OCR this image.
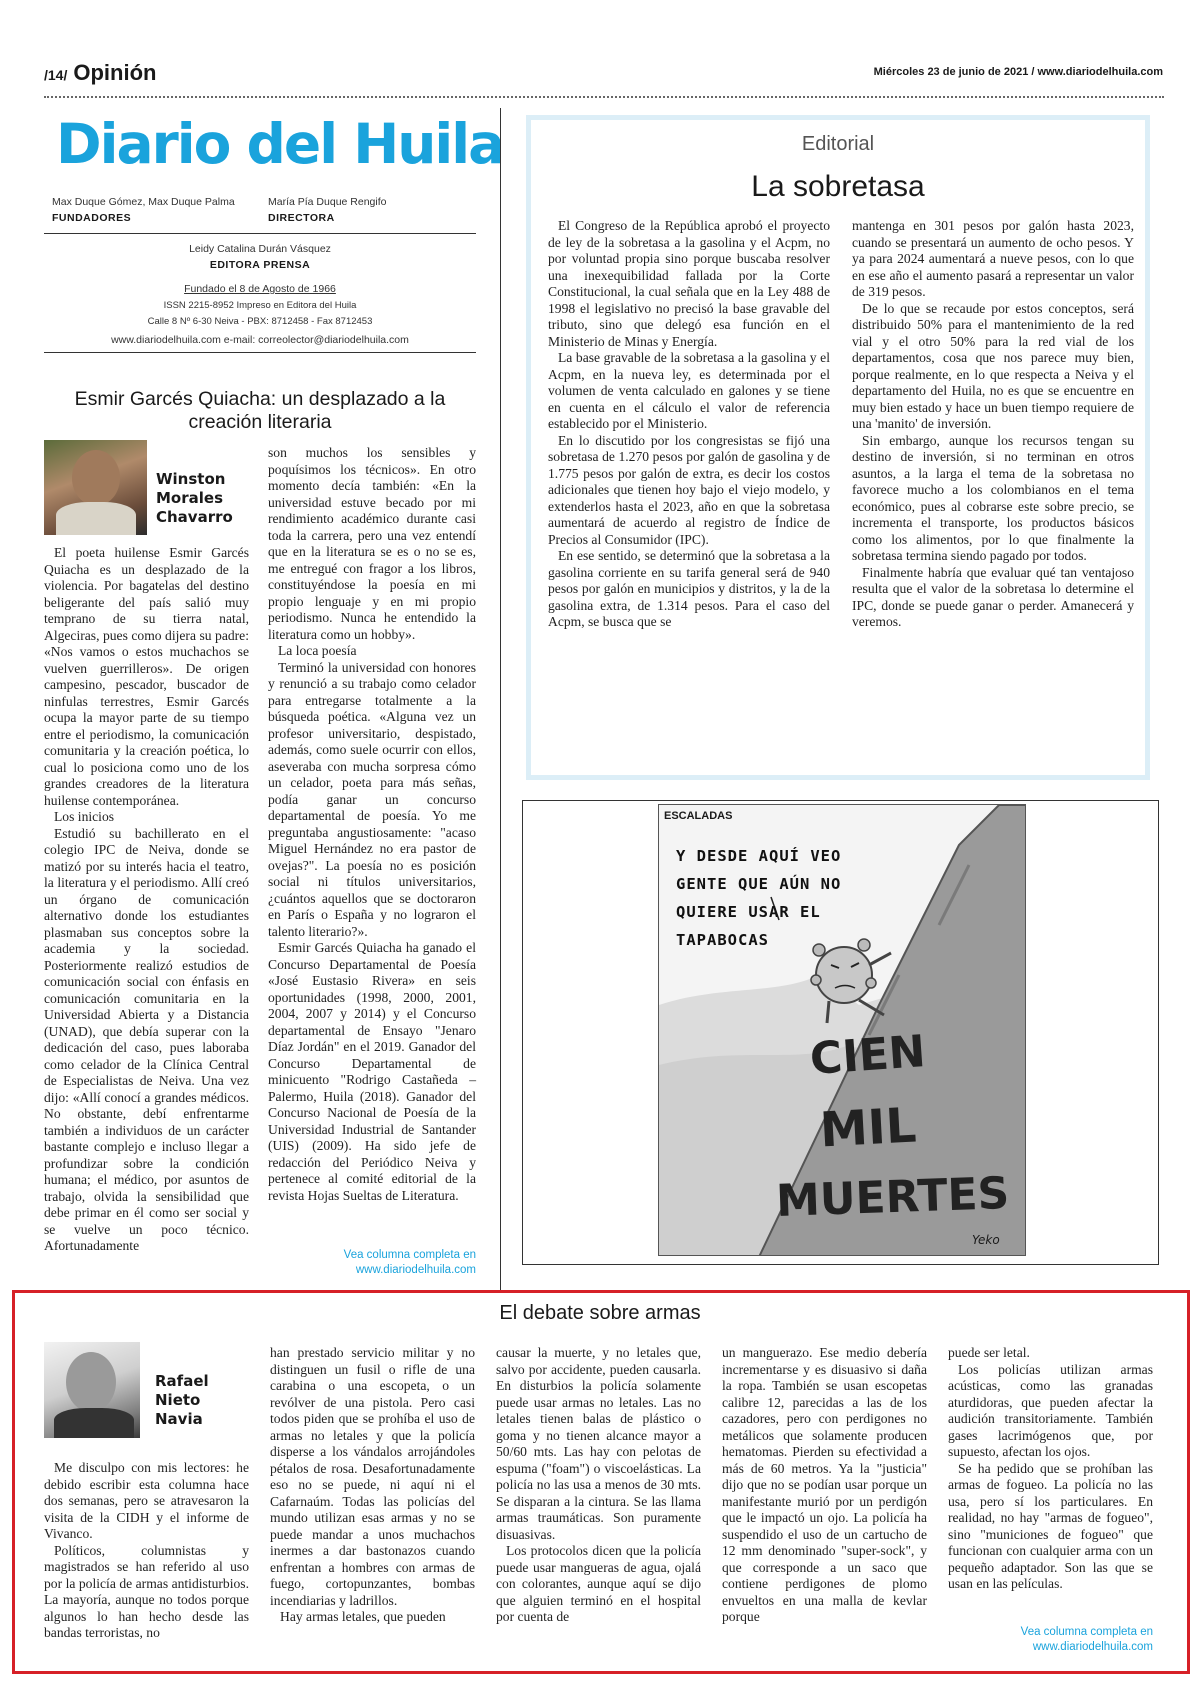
/14/ Opinión	Miércoles 23 de junio de 2021 / www.diariodelhuila.com
Diario del Huila
Max Duque Gómez, Max Duque Palma
FUNDADORES
María Pía Duque Rengifo
DIRECTORA
Leidy Catalina Durán Vásquez
EDITORA PRENSA
Fundado el 8 de Agosto de 1966
ISSN 2215-8952 Impreso en Editora del Huila
Calle 8 Nº 6-30 Neiva - PBX: 8712458 - Fax 8712453
www.diariodelhuila.com e-mail: correolector@diariodelhuila.com
Esmir Garcés Quiacha: un desplazado a la creación literaria
Winston Morales Chavarro

El poeta huilense Esmir Garcés Quiacha es un desplazado de la violencia. Por bagatelas del destino beligerante del país salió muy temprano de su tierra natal, Algeciras, pues como dijera su padre: «Nos vamos o estos muchachos se vuelven guerrilleros». De origen campesino, pescador, buscador de ninfulas terrestres, Esmir Garcés ocupa la mayor parte de su tiempo entre el periodismo, la comunicación comunitaria y la creación poética, lo cual lo posiciona como uno de los grandes creadores de la literatura huilense contemporánea.

Los inicios

Estudió su bachillerato en el colegio IPC de Neiva, donde se matizó por su interés hacia el teatro, la literatura y el periodismo. Allí creó un órgano de comunicación alternativo donde los estudiantes plasmaban sus conceptos sobre la academia y la sociedad. Posteriormente realizó estudios de comunicación social con énfasis en comunicación comunitaria en la Universidad Abierta y a Distancia (UNAD), que debía superar con la dedicación del caso, pues laboraba como celador de la Clínica Central de Especialistas de Neiva. Una vez dijo: «Allí conocí a grandes médicos. No obstante, debí enfrentarme también a individuos de un carácter bastante complejo e incluso llegar a profundizar sobre la condición humana; el médico, por asuntos de trabajo, olvida la sensibilidad que debe primar en él como ser social y se vuelve un poco técnico. Afortunadamente

son muchos los sensibles y poquísimos los técnicos». En otro momento decía también: «En la universidad estuve becado por mi rendimiento académico durante casi toda la carrera, pero una vez entendí que en la literatura se es o no se es, me entregué con fragor a los libros, constituyéndose la poesía en mi propio lenguaje y en mi propio periodismo. Nunca he entendido la literatura como un hobby».

La loca poesía

Terminó la universidad con honores y renunció a su trabajo como celador para entregarse totalmente a la búsqueda poética. «Alguna vez un profesor universitario, despistado, además, como suele ocurrir con ellos, aseveraba con mucha sorpresa cómo un celador, poeta para más señas, podía ganar un concurso departamental de poesía. Yo me preguntaba angustiosamente: "acaso Miguel Hernández no era pastor de ovejas?". La poesía no es posición social ni títulos universitarios, ¿cuántos aquellos que se doctoraron en París o España y no lograron el talento literario?».

Esmir Garcés Quiacha ha ganado el Concurso Departamental de Poesía «José Eustasio Rivera» en seis oportunidades (1998, 2000, 2001, 2004, 2007 y 2014) y el Concurso departamental de Ensayo "Jenaro Díaz Jordán" en el 2019. Ganador del Concurso Departamental de minicuento "Rodrigo Castañeda – Palermo, Huila (2018). Ganador del Concurso Nacional de Poesía de la Universidad Industrial de Santander (UIS) (2009). Ha sido jefe de redacción del Periódico Neiva y pertenece al comité editorial de la revista Hojas Sueltas de Literatura.

Vea columna completa en www.diariodelhuila.com
Editorial
La sobretasa

El Congreso de la República aprobó el proyecto de ley de la sobretasa a la gasolina y el Acpm, no por voluntad propia sino porque buscaba resolver una inexequibilidad fallada por la Corte Constitucional, la cual señala que en la Ley 488 de 1998 el legislativo no precisó la base gravable del tributo, sino que delegó esa función en el Ministerio de Minas y Energía.

La base gravable de la sobretasa a la gasolina y el Acpm, en la nueva ley, es determinada por el volumen de venta calculado en galones y se tiene en cuenta en el cálculo el valor de referencia establecido por el Ministerio.

En lo discutido por los congresistas se fijó una sobretasa de 1.270 pesos por galón de gasolina y de 1.775 pesos por galón de extra, es decir los costos adicionales que tienen hoy bajo el viejo modelo, y extenderlos hasta el 2023, año en que la sobretasa aumentará de acuerdo al registro de Índice de Precios al Consumidor (IPC).

En ese sentido, se determinó que la sobretasa a la gasolina corriente en su tarifa general será de 940 pesos por galón en municipios y distritos, y la de la gasolina extra, de 1.314 pesos. Para el caso del Acpm, se busca que se

mantenga en 301 pesos por galón hasta 2023, cuando se presentará un aumento de ocho pesos. Y ya para 2024 aumentará a nueve pesos, con lo que en ese año el aumento pasará a representar un valor de 319 pesos.

De lo que se recaude por estos conceptos, será distribuido 50% para el mantenimiento de la red vial y el otro 50% para la red vial de los departamentos, cosa que nos parece muy bien, porque realmente, en lo que respecta a Neiva y el departamento del Huila, no es que se encuentre en muy bien estado y hace un buen tiempo requiere de una 'manito' de inversión.

Sin embargo, aunque los recursos tengan su destino de inversión, si no terminan en otros asuntos, a la larga el tema de la sobretasa no favorece mucho a los colombianos en el tema económico, pues al cobrarse este sobre precio, se incrementa el transporte, los productos básicos como los alimentos, por lo que finalmente la sobretasa termina siendo pagado por todos.

Finalmente habría que evaluar qué tan ventajoso resulta que el valor de la sobretasa lo determine el IPC, donde se puede ganar o perder. Amanecerá y veremos.

ESCALADAS
Y DESDE AQUÍ VEO
GENTE QUE AÚN NO
QUIERE USAR EL
TAPABOCAS
CIEN
MIL
MUERTES
Yeko
El debate sobre armas
Rafael Nieto Navia

Me disculpo con mis lectores: he debido escribir esta columna hace dos semanas, pero se atravesaron la visita de la CIDH y el informe de Vivanco.

Políticos, columnistas y magistrados se han referido al uso por la policía de armas antidisturbios. La mayoría, aunque no todos porque algunos lo han hecho desde las bandas terroristas, no

han prestado servicio militar y no distinguen un fusil o rifle de una carabina o una escopeta, o un revólver de una pistola. Pero casi todos piden que se prohíba el uso de armas no letales y que la policía disperse a los vándalos arrojándoles pétalos de rosa. Desafortunadamente eso no se puede, ni aquí ni el Cafarnaúm. Todas las policías del mundo utilizan esas armas y no se puede mandar a unos muchachos inermes a dar bastonazos cuando enfrentan a hombres con armas de fuego, cortopunzantes, bombas incendiarias y ladrillos.

Hay armas letales, que pueden

causar la muerte, y no letales que, salvo por accidente, pueden causarla. En disturbios la policía solamente puede usar armas no letales. Las no letales tienen balas de plástico o goma y no tienen alcance mayor a 50/60 mts. Las hay con pelotas de espuma ("foam") o viscoelásticas. La policía no las usa a menos de 30 mts. Se disparan a la cintura. Se las llama armas traumáticas. Son puramente disuasivas.

Los protocolos dicen que la policía puede usar mangueras de agua, ojalá con colorantes, aunque aquí se dijo que alguien terminó en el hospital por cuenta de

un manguerazo. Ese medio debería incrementarse y es disuasivo si daña la ropa. También se usan escopetas calibre 12, parecidas a las de los cazadores, pero con perdigones no metálicos que solamente producen hematomas. Pierden su efectividad a más de 60 metros. Ya la "justicia" dijo que no se podían usar porque un manifestante murió por un perdigón que le impactó un ojo. La policía ha suspendido el uso de un cartucho de 12 mm denominado "super-sock", y que corresponde a un saco que contiene perdigones de plomo envueltos en una malla de kevlar porque

puede ser letal.

Los policías utilizan armas acústicas, como las granadas aturdidoras, que pueden afectar la audición transitoriamente. También gases lacrimógenos que, por supuesto, afectan los ojos.

Se ha pedido que se prohíban las armas de fogueo. La policía no las usa, pero sí los particulares. En realidad, no hay "armas de fogueo", sino "municiones de fogueo" que funcionan con cualquier arma con un pequeño adaptador. Son las que se usan en las películas.

Vea columna completa en www.diariodelhuila.com
